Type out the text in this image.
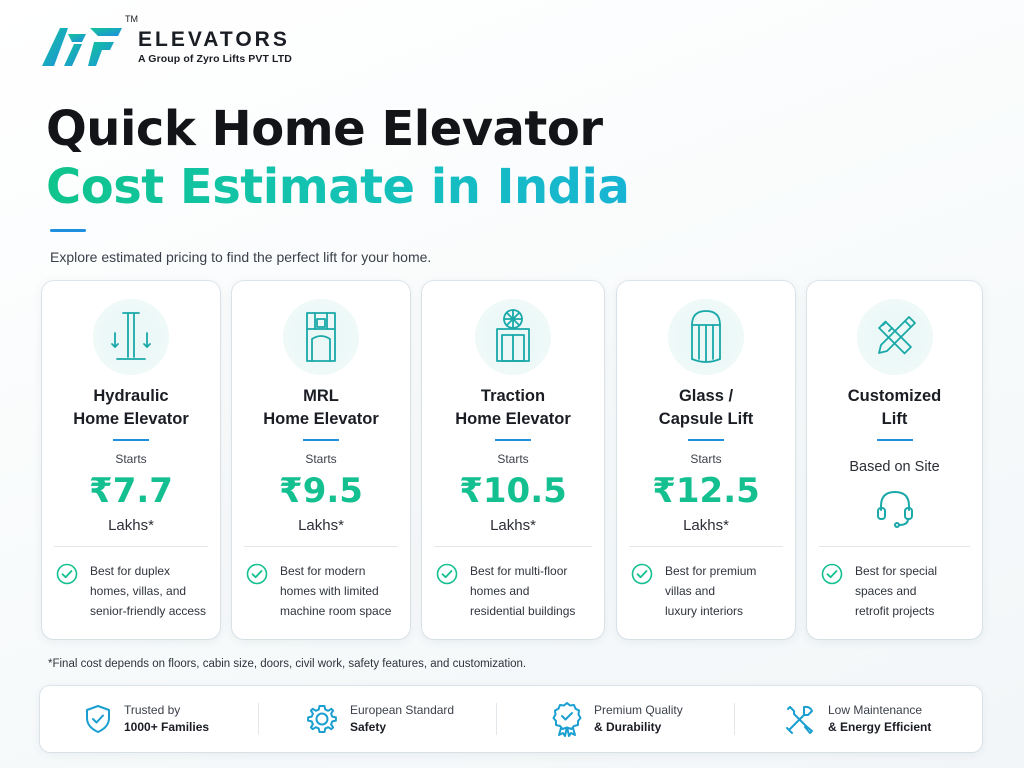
TM
ELEVATORS
A Group of Zyro Lifts PVT LTD
Quick Home Elevator
Cost Estimate in India

Explore estimated pricing to find the perfect lift for your home.

Hydraulic
Home Elevator
Starts
₹7.7
Lakhs*
Best for duplex
homes, villas, and
senior-friendly access
MRL
Home Elevator
Starts
₹9.5
Lakhs*
Best for modern
homes with limited
machine room space
Traction
Home Elevator
Starts
₹10.5
Lakhs*
Best for multi-floor
homes and
residential buildings
Glass /
Capsule Lift
Starts
₹12.5
Lakhs*
Best for premium
villas and
luxury interiors
Customized
Lift
Based on Site
Best for special
spaces and
retrofit projects

*Final cost depends on floors, cabin size, doors, civil work, safety features, and customization.

Trusted by
1000+ Families
European Standard
Safety
Premium Quality
& Durability
Low Maintenance
& Energy Efficient
